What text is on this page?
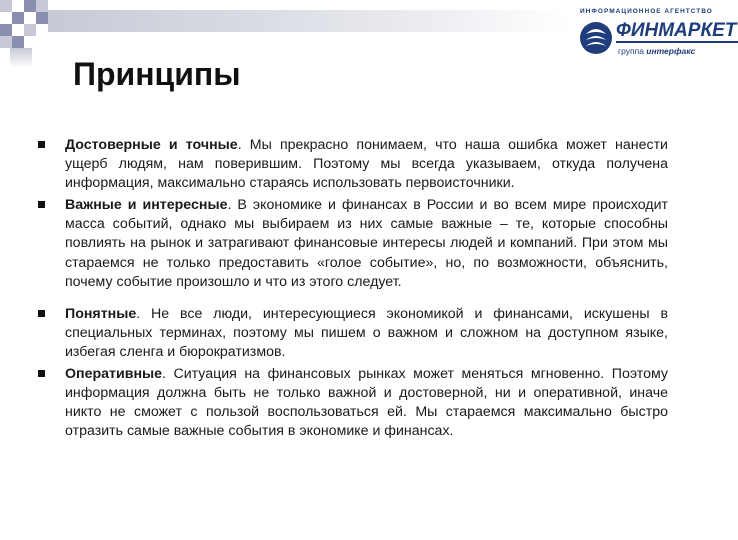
ИНФОРМАЦИОННОЕ АГЕНТСТВО
ФИНМАРКЕТ
группа интерфакс
Принципы
Достоверные и точные. Мы прекрасно понимаем, что наша ошибка может нанести ущерб людям, нам поверившим. Поэтому мы всегда указываем, откуда получена информация, максимально стараясь использовать первоисточники.
Важные и интересные. В экономике и финансах в России и во всем мире происходит масса событий, однако мы выбираем из них самые важные – те, которые способны повлиять на рынок и затрагивают финансовые интересы людей и компаний. При этом мы стараемся не только предоставить «голое событие», но, по возможности, объяснить, почему событие произошло и что из этого следует.
Понятные. Не все люди, интересующиеся экономикой и финансами, искушены в специальных терминах, поэтому мы пишем о важном и сложном на доступном языке, избегая сленга и бюрократизмов.
Оперативные. Ситуация на финансовых рынках может меняться мгновенно. Поэтому информация должна быть не только важной и достоверной, ни и оперативной, иначе никто не сможет с пользой воспользоваться ей. Мы стараемся максимально быстро отразить самые важные события в экономике и финансах.
